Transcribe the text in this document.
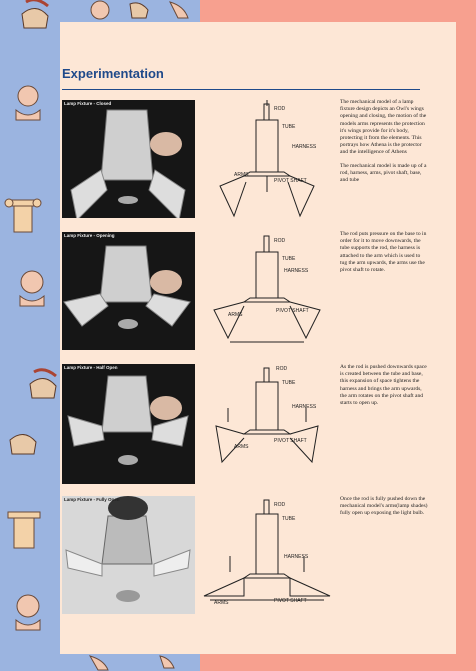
Experimentation
Lamp Fixture - Closed
ROD
TUBE
HARNESS
ARMS
PIVOT SHAFT

The mechanical model of a lamp fixture design depicts an Owl's wings opening and closing, the motion of the models arms represents the protection it's wings provide for it's body, protecting it from the elements. This portrays how Athena is the protector and the intelligence of Athens

The mechanical model is made up of a rod, harness, arms, pivot shaft, base, and tube

Lamp Fixture - Opening
ROD
TUBE
HARNESS
ARMS
PIVOT SHAFT

The rod puts pressure on the base to in order for it to move downwards, the tube supports the rod, the harness is attached to the arm which is used to tug the arm upwards, the arms use the pivot shaft to rotate.

Lamp Fixture - Half Open	ROD
TUBE
HARNESS
ARMS
PIVOT SHAFT

As the rod is pushed downwards space is created between the tube and base, this expansion of space tightens the harness and brings the arm upwards, the arm rotates on the pivot shaft and starts to open up.

Lamp Fixture - Fully Open
ROD
TUBE
HARNESS
ARMS	PIVOT SHAFT

Once the rod is fully pushed down the mechanical model's arms(lamp shades) fully open up exposing the light bulb.
